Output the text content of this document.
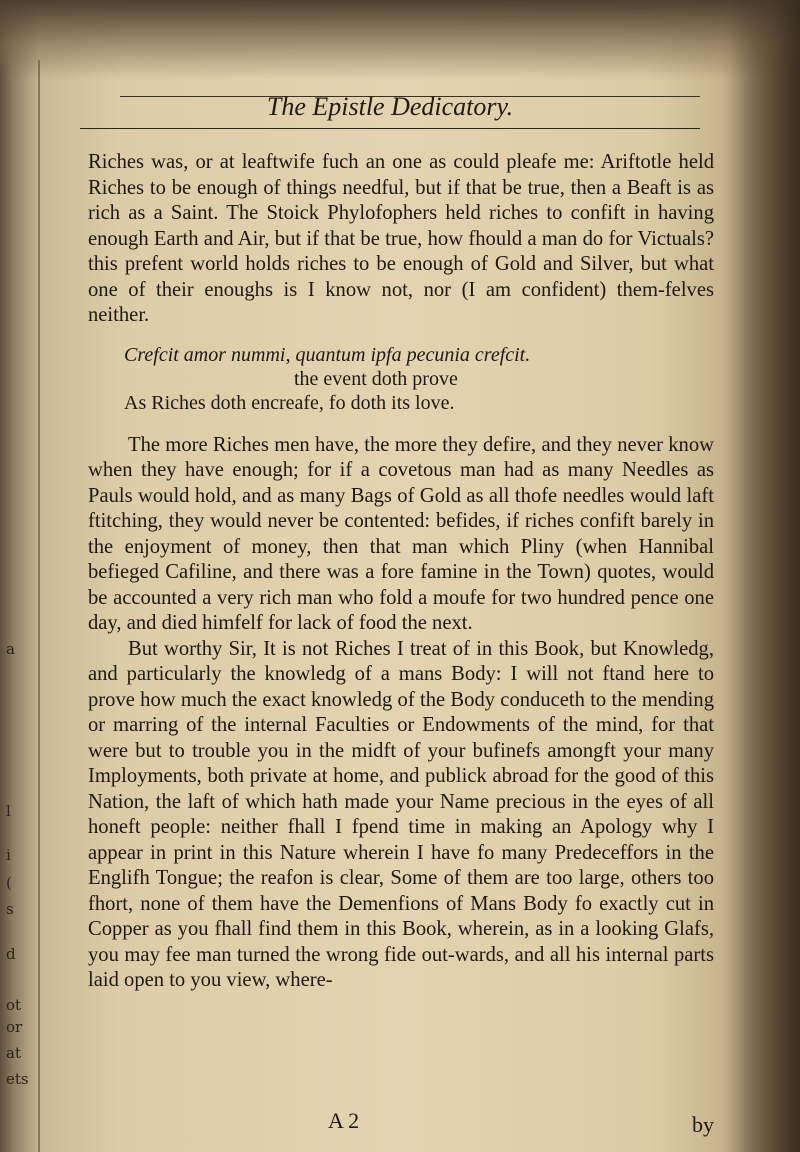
a
l
i
(
s
d
ot
or
at
ets
The Epistle Dedicatory.

Riches was, or at leaftwife fuch an one as could pleafe me: Ariftotle held Riches to be enough of things needful, but if that be true, then a Beaft is as rich as a Saint. The Stoick Phylofophers held riches to confift in having enough Earth and Air, but if that be true, how fhould a man do for Victuals? this prefent world holds riches to be enough of Gold and Silver, but what one of their enoughs is I know not, nor (I am confident) them-felves neither.

Crefcit amor nummi, quantum ipfa pecunia crefcit.
the event doth prove
As Riches doth encreafe, fo doth its love.

The more Riches men have, the more they defire, and they never know when they have enough; for if a covetous man had as many Needles as Pauls would hold, and as many Bags of Gold as all thofe needles would laft ftitching, they would never be contented: befides, if riches confift barely in the enjoyment of money, then that man which Pliny (when Hannibal befieged Cafiline, and there was a fore famine in the Town) quotes, would be accounted a very rich man who fold a moufe for two hundred pence one day, and died himfelf for lack of food the next.

But worthy Sir, It is not Riches I treat of in this Book, but Knowledg, and particularly the knowledg of a mans Body: I will not ftand here to prove how much the exact knowledg of the Body conduceth to the mending or marring of the internal Faculties or Endowments of the mind, for that were but to trouble you in the midft of your bufinefs amongft your many Imployments, both private at home, and publick abroad for the good of this Nation, the laft of which hath made your Name precious in the eyes of all honeft people: neither fhall I fpend time in making an Apology why I appear in print in this Nature wherein I have fo many Predeceffors in the Englifh Tongue; the reafon is clear, Some of them are too large, others too fhort, none of them have the Demenfions of Mans Body fo exactly cut in Copper as you fhall find them in this Book, wherein, as in a looking Glafs, you may fee man turned the wrong fide out-wards, and all his internal parts laid open to you view, where-

A 2	by
